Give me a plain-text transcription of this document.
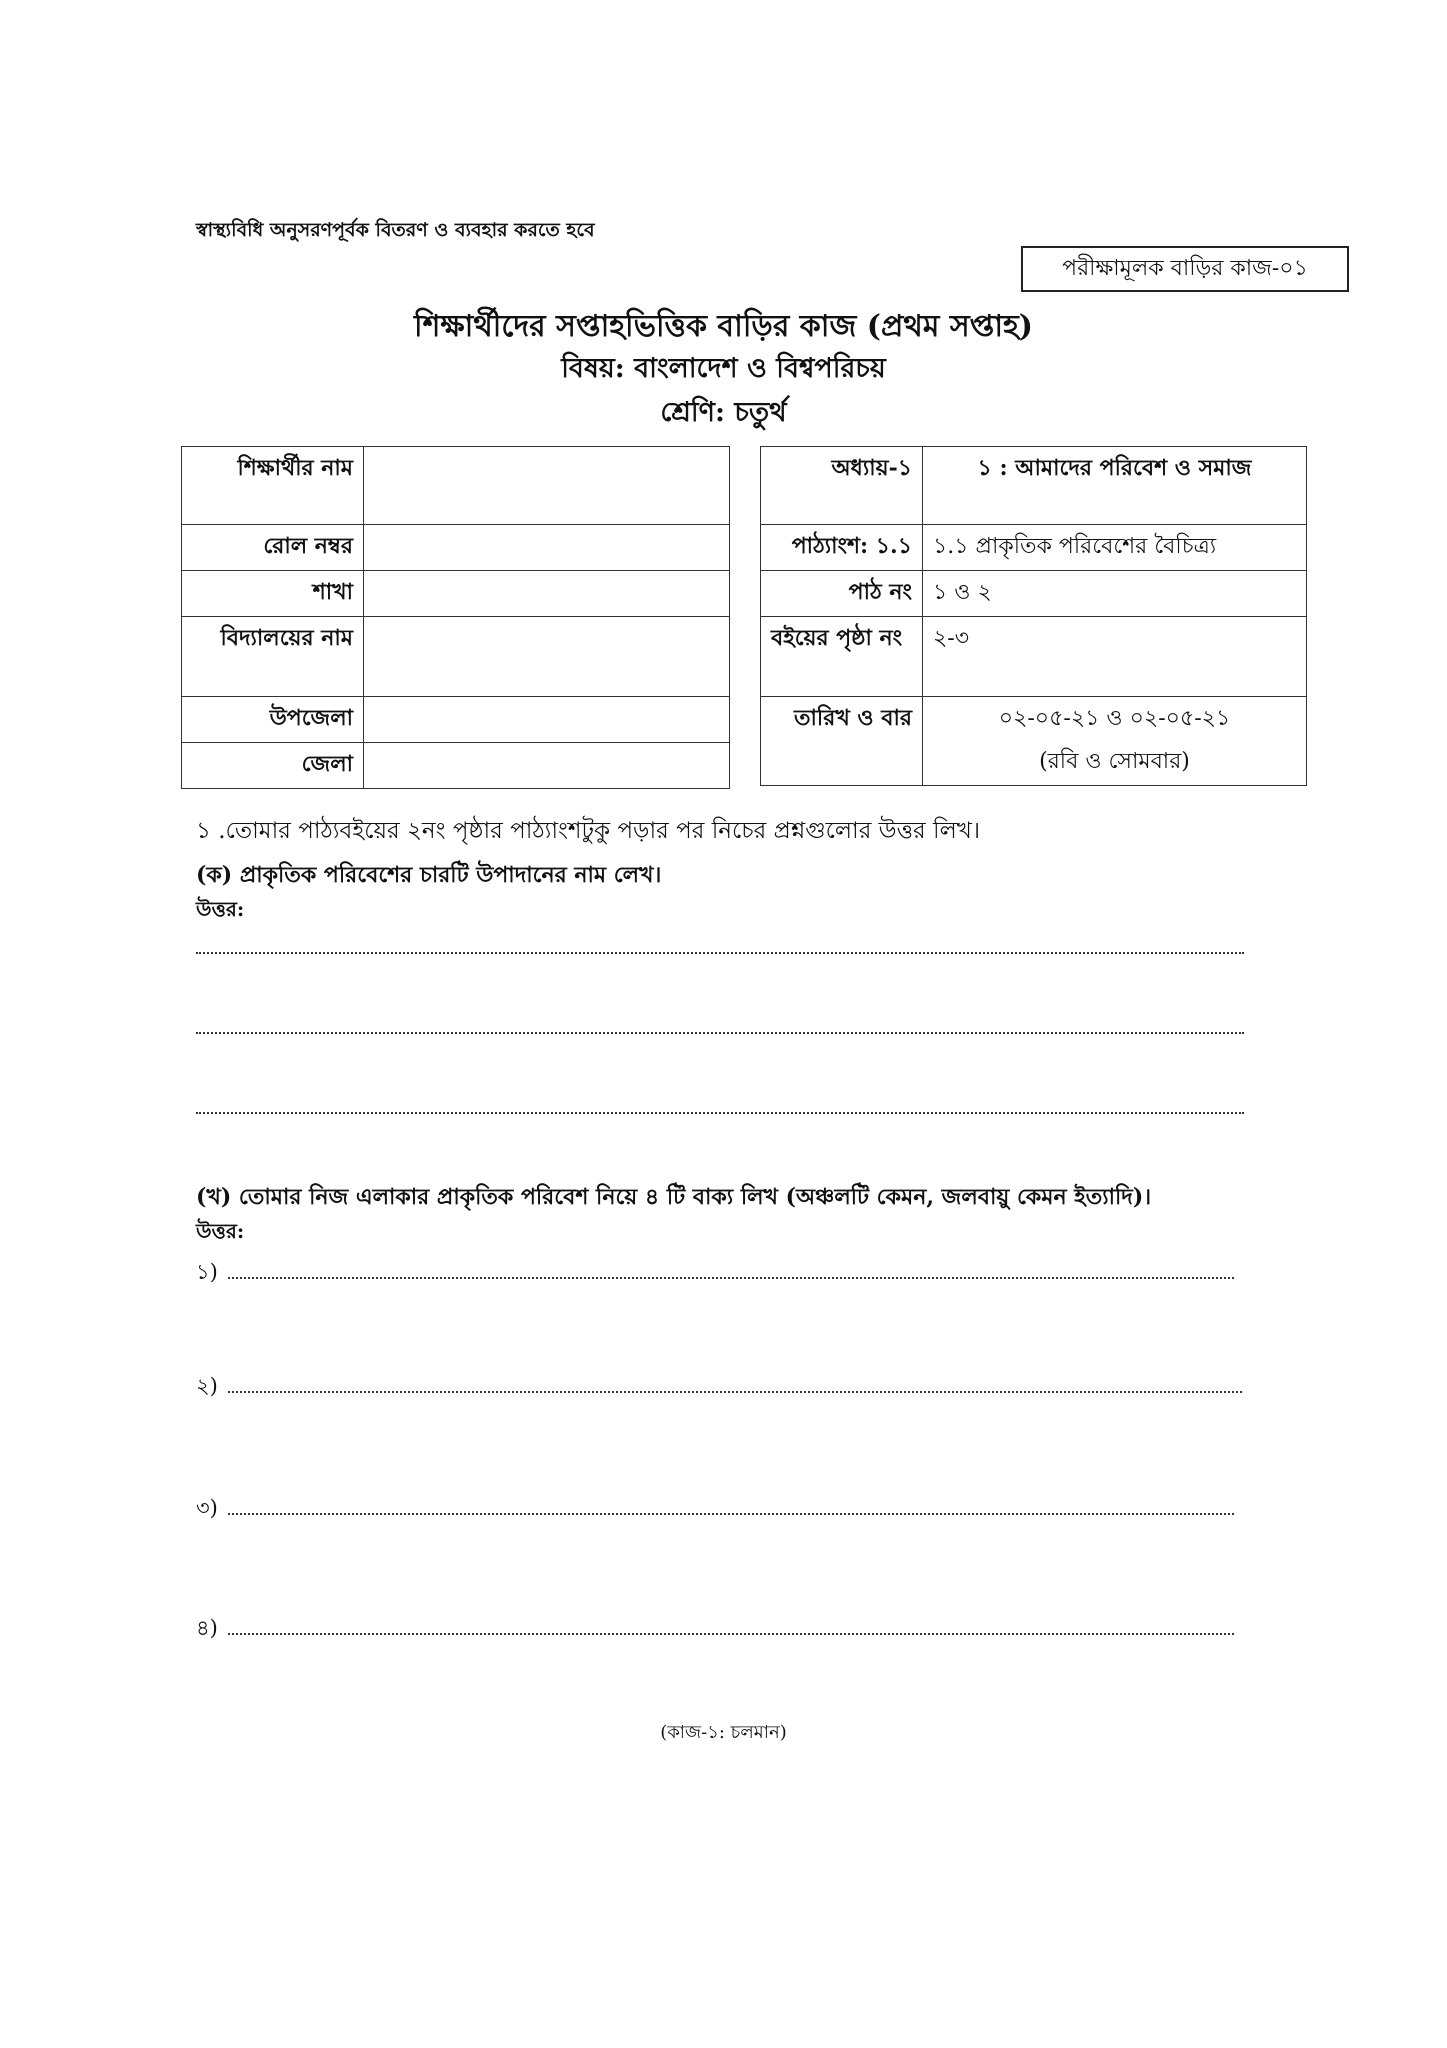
স্বাস্থ্যবিধি অনুসরণপূর্বক বিতরণ ও ব্যবহার করতে হবে
পরীক্ষামূলক বাড়ির কাজ-০১
শিক্ষার্থীদের সপ্তাহভিত্তিক বাড়ির কাজ (প্রথম সপ্তাহ)
বিষয়: বাংলাদেশ ও বিশ্বপরিচয়
শ্রেণি: চতুর্থ
শিক্ষার্থীর নাম	
রোল নম্বর	
শাখা	
বিদ্যালয়ের নাম	
উপজেলা	
জেলা	
অধ্যায়-১	১ : আমাদের পরিবেশ ও সমাজ
পাঠ্যাংশ: ১.১	১.১ প্রাকৃতিক পরিবেশের বৈচিত্র্য
পাঠ নং	১ ও ২
বইয়ের পৃষ্ঠা নং	২-৩
তারিখ ও বার	০২-০৫-২১ ও ০২-০৫-২১
(রবি ও সোমবার)
১ .তোমার পাঠ্যবইয়ের ২নং পৃষ্ঠার পাঠ্যাংশটুকু পড়ার পর নিচের প্রশ্নগুলোর উত্তর লিখ।
(ক) প্রাকৃতিক পরিবেশের চারটি উপাদানের নাম লেখ।
উত্তর:
(খ) তোমার নিজ এলাকার প্রাকৃতিক পরিবেশ নিয়ে ৪ টি বাক্য লিখ (অঞ্চলটি কেমন, জলবায়ু কেমন ইত্যাদি)।
উত্তর:
১)
২)
৩)
৪)
(কাজ-১: চলমান)
